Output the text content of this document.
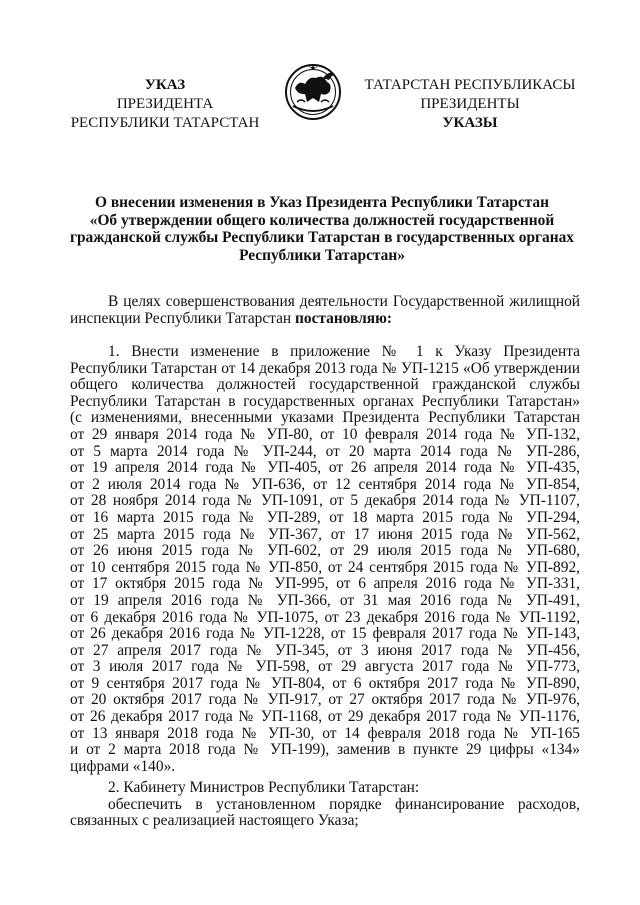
УКАЗ
ПРЕЗИДЕНТА
РЕСПУБЛИКИ ТАТАРСТАН
ТАТАРСТАН РЕСПУБЛИКАСЫ
ПРЕЗИДЕНТЫ
УКАЗЫ
О внесении изменения в Указ Президента Республики Татарстан
«Об утверждении общего количества должностей государственной
гражданской службы Республики Татарстан в государственных органах
Республики Татарстан»
В целях совершенствования деятельности Государственной жилищной
инспекции Республики Татарстан постановляю:
1. Внести изменение в приложение № 1 к Указу Президента
Республики Татарстан от 14 декабря 2013 года № УП-1215 «Об утверждении
общего количества должностей государственной гражданской службы
Республики Татарстан в государственных органах Республики Татарстан»
(с изменениями, внесенными указами Президента Республики Татарстан
от 29 января 2014 года № УП-80, от 10 февраля 2014 года № УП-132,
от 5 марта 2014 года № УП-244, от 20 марта 2014 года № УП-286,
от 19 апреля 2014 года № УП-405, от 26 апреля 2014 года № УП-435,
от 2 июля 2014 года № УП-636, от 12 сентября 2014 года № УП-854,
от 28 ноября 2014 года № УП-1091, от 5 декабря 2014 года № УП-1107,
от 16 марта 2015 года № УП-289, от 18 марта 2015 года № УП-294,
от 25 марта 2015 года № УП-367, от 17 июня 2015 года № УП-562,
от 26 июня 2015 года № УП-602, от 29 июля 2015 года № УП-680,
от 10 сентября 2015 года № УП-850, от 24 сентября 2015 года № УП-892,
от 17 октября 2015 года № УП-995, от 6 апреля 2016 года № УП-331,
от 19 апреля 2016 года № УП-366, от 31 мая 2016 года № УП-491,
от 6 декабря 2016 года № УП-1075, от 23 декабря 2016 года № УП-1192,
от 26 декабря 2016 года № УП-1228, от 15 февраля 2017 года № УП-143,
от 27 апреля 2017 года № УП-345, от 3 июня 2017 года № УП-456,
от 3 июля 2017 года № УП-598, от 29 августа 2017 года № УП-773,
от 9 сентября 2017 года № УП-804, от 6 октября 2017 года № УП-890,
от 20 октября 2017 года № УП-917, от 27 октября 2017 года № УП-976,
от 26 декабря 2017 года № УП-1168, от 29 декабря 2017 года № УП-1176,
от 13 января 2018 года № УП-30, от 14 февраля 2018 года № УП-165
и от 2 марта 2018 года № УП-199), заменив в пункте 29 цифры «134»
цифрами «140».
2. Кабинету Министров Республики Татарстан:
обеспечить в установленном порядке финансирование расходов,
связанных с реализацией настоящего Указа;
